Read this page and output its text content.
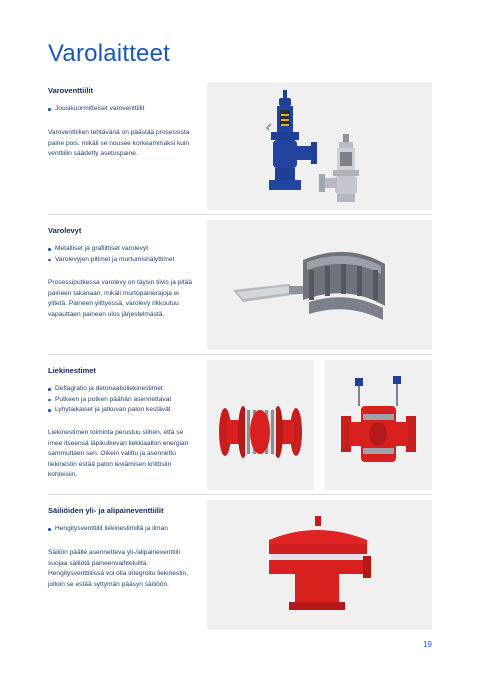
Varolaitteet
Varoventtiilit
Jousikuormitteiset varoventtiilit
Varoventtiilien tehtävänä on päästää prosessista paine pois, mikäli se nousee korkeammaksi kuin venttiilin säädetty asetuspaine.
Varolevyt
Metalliset ja grafiittiset varolevyt
Varolevyjen pitimet ja murtumishälyttimet
Prosessiputkessa varolevy on täysin tiivis ja pitää paineen takanaan, mikäli murtopainerajoja ei ylitetä. Paineen ylittyessä, varolevy rikkoutuu vapauttaen paineen ulos järjestelmästä.
Liekinestimet
Deflagratio ja detonaatioliekinestimet
Putkeen ja putken päähän asennettavat
Lyhytaikaiset ja jatkuvan palon kestävät
Liekinestimen toiminta perustuu siihen, että se imee itseensä läpikulkevan liekkiaallon energian sammuttaen sen. Oikein valittu ja asennettu liekinestin estää palon leviämisen kriittisiin kohteisiin.
Säiliöiden yli- ja alipaineventtiilit
Hengitysventtiilit liekinestimillä ja ilman
Säiliön päälle asennetteva yli-/alipaineventtiili suojaa säiliötä paineenvaihteluilta. Hengitysventtiilissä voi olla integroitu liekinestin, jolloin se estää syttymän pääsyn säiliöön.
19
